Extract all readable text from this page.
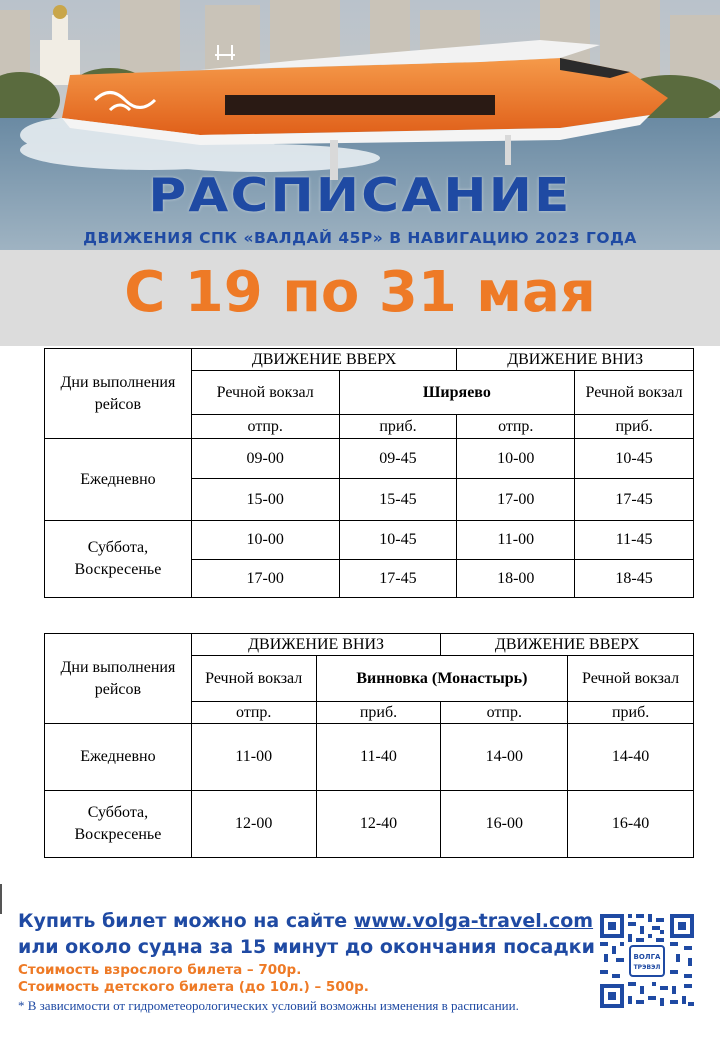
РАСПИСАНИЕ
ДВИЖЕНИЯ СПК «ВАЛДАЙ 45Р» В НАВИГАЦИЮ 2023 ГОДА
С 19 по 31 мая
Дни выполнения рейсов	ДВИЖЕНИЕ ВВЕРХ		ДВИЖЕНИЕ ВНИЗ	
	Речной вокзал	Ширяево		Речной вокзал
	отпр.	приб.	отпр.	приб.
Ежедневно	09-00	09-45	10-00	10-45
	15-00	15-45	17-00	17-45
Суббота, Воскресенье	10-00	10-45	11-00	11-45
	17-00	17-45	18-00	18-45
Дни выполнения рейсов	ДВИЖЕНИЕ ВНИЗ		ДВИЖЕНИЕ ВВЕРХ	
	Речной вокзал	Винновка (Монастырь)		Речной вокзал
	отпр.	приб.	отпр.	приб.
Ежедневно	11-00	11-40	14-00	14-40
Суббота, Воскресенье	12-00	12-40	16-00	16-40
Купить билет можно на сайте www.volga-travel.com
или около судна за 15 минут до окончания посадки
Стоимость взрослого билета – 700р.
Стоимость детского билета (до 10л.) – 500р.
* В зависимости от гидрометеорологических условий возможны изменения в расписании.
ВОЛГА
ТРЭВЭЛ
